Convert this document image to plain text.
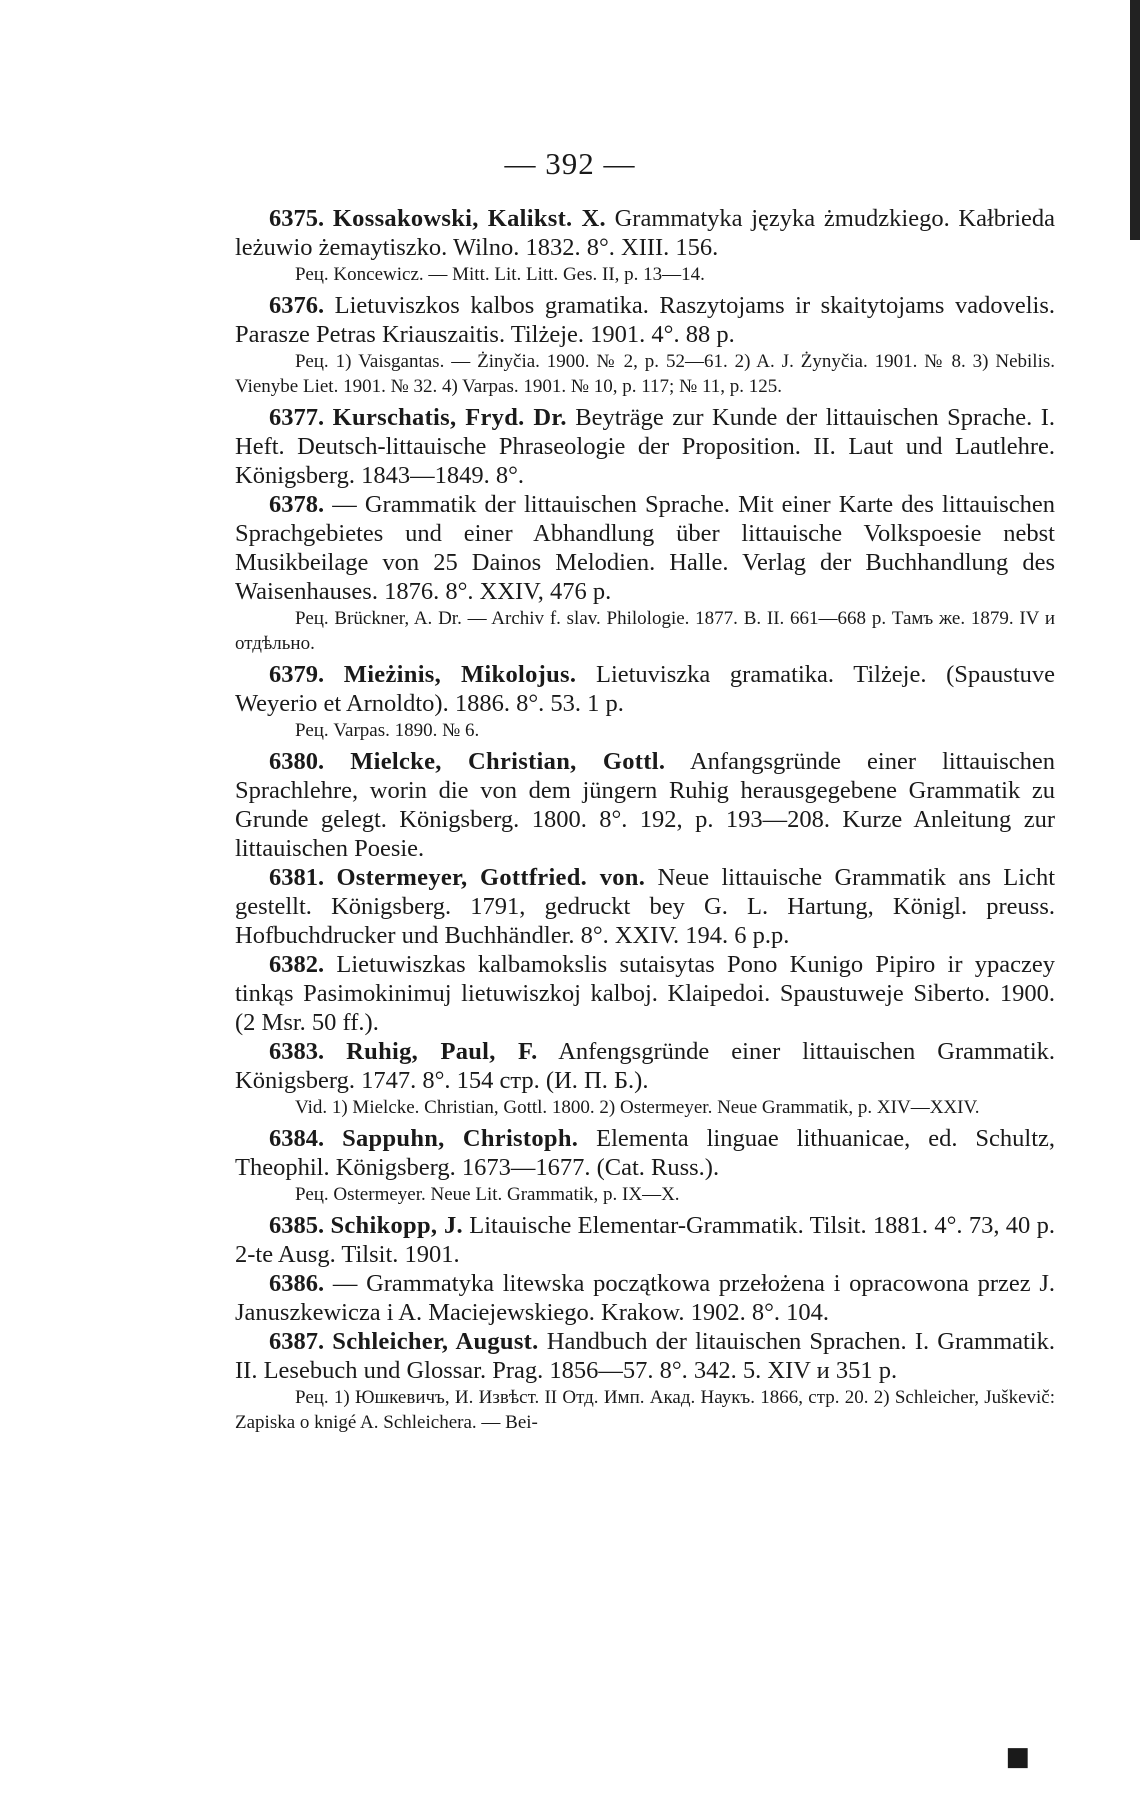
— 392 —

6375. Kossakowski, Kalikst. X. Grammatyka języka żmudzkiego. Kałbrieda leżuwio żemaytiszko. Wilno. 1832. 8°. XIII. 156.

Рец. Koncewicz. — Mitt. Lit. Litt. Ges. II, p. 13—14.

6376. Lietuviszkos kalbos gramatika. Raszytojams ir skaitytojams vadovelis. Parasze Petras Kriauszaitis. Tilżeje. 1901. 4°. 88 p.

Рец. 1) Vaisgantas. — Żinyčia. 1900. № 2, p. 52—61. 2) A. J. Żynyčia. 1901. № 8. 3) Nebilis. Vienybe Liet. 1901. № 32. 4) Varpas. 1901. № 10, p. 117; № 11, p. 125.

6377. Kurschatis, Fryd. Dr. Beyträge zur Kunde der littauischen Sprache. I. Heft. Deutsch-littauische Phraseologie der Proposition. II. Laut und Lautlehre. Königsberg. 1843—1849. 8°.

6378. — Grammatik der littauischen Sprache. Mit einer Karte des littauischen Sprachgebietes und einer Abhandlung über littauische Volkspoesie nebst Musikbeilage von 25 Dainos Melodien. Halle. Verlag der Buchhandlung des Waisenhauses. 1876. 8°. XXIV, 476 p.

Рец. Brückner, A. Dr. — Archiv f. slav. Philologie. 1877. B. II. 661—668 p. Тамъ же. 1879. IV и отдѣльно.

6379. Mieżinis, Mikolojus. Lietuviszka gramatika. Tilżeje. (Spaustuve Weyerio et Arnoldto). 1886. 8°. 53. 1 p.

Рец. Varpas. 1890. № 6.

6380. Mielcke, Christian, Gottl. Anfangsgründe einer littauischen Sprachlehre, worin die von dem jüngern Ruhig herausgegebene Grammatik zu Grunde gelegt. Königsberg. 1800. 8°. 192, p. 193—208. Kurze Anleitung zur littauischen Poesie.

6381. Ostermeyer, Gottfried. von. Neue littauische Grammatik ans Licht gestellt. Königsberg. 1791, gedruckt bey G. L. Hartung, Königl. preuss. Hofbuchdrucker und Buchhändler. 8°. XXIV. 194. 6 p.p.

6382. Lietuwiszkas kalbamokslis sutaisytas Pono Kunigo Pipiro ir ypaczey tinkąs Pasimokinimuj lietuwiszkoj kalboj. Klaipedoi. Spaustuweje Siberto. 1900. (2 Msr. 50 ff.).

6383. Ruhig, Paul, F. Anfengsgründe einer littauischen Grammatik. Königsberg. 1747. 8°. 154 стр. (И. П. Б.).

Vid. 1) Mielcke. Christian, Gottl. 1800. 2) Ostermeyer. Neue Grammatik, p. XIV—XXIV.

6384. Sappuhn, Christoph. Elementa linguae lithuanicae, ed. Schultz, Theophil. Königsberg. 1673—1677. (Cat. Russ.).

Рец. Ostermeyer. Neue Lit. Grammatik, p. IX—X.

6385. Schikopp, J. Litauische Elementar-Grammatik. Tilsit. 1881. 4°. 73, 40 p. 2-te Ausg. Tilsit. 1901.

6386. — Grammatyka litewska początkowa przełożena i opracowona przez J. Januszkewicza i A. Maciejewskiego. Krakow. 1902. 8°. 104.

6387. Schleicher, August. Handbuch der litauischen Sprachen. I. Grammatik. II. Lesebuch und Glossar. Prag. 1856—57. 8°. 342. 5. XIV и 351 p.

Рец. 1) Юшкевичъ, И. Извѣст. II Отд. Имп. Акад. Наукъ. 1866, стр. 20. 2) Schleicher, Juškevič: Zapiska o knigé A. Schleichera. — Bei-

■
